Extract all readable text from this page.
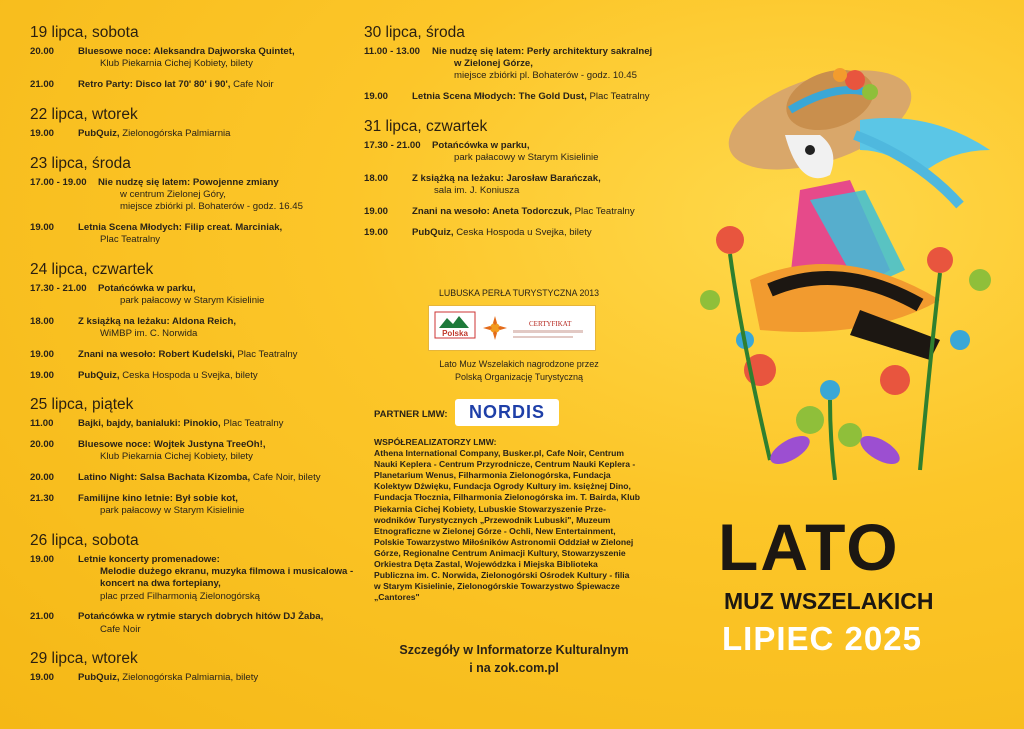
19 lipca, sobota
20.00 Bluesowe noce: Aleksandra Dajworska Quintet,
Klub Piekarnia Cichej Kobiety, bilety
21.00 Retro Party: Disco lat 70' 80' i 90', Cafe Noir
22 lipca, wtorek
19.00 PubQuiz, Zielonogórska Palmiarnia
23 lipca, środa
17.00 - 19.00 Nie nudzę się latem: Powojenne zmiany
w centrum Zielonej Góry,
miejsce zbiórki pl. Bohaterów - godz. 16.45
19.00 Letnia Scena Młodych: Filip creat. Marciniak,
Plac Teatralny
24 lipca, czwartek
17.30 - 21.00 Potańcówka w parku,
park pałacowy w Starym Kisielinie
18.00 Z książką na leżaku: Aldona Reich,
WiMBP im. C. Norwida
19.00 Znani na wesoło: Robert Kudelski, Plac Teatralny
19.00 PubQuiz, Ceska Hospoda u Svejka, bilety
25 lipca, piątek
11.00	Bajki, bajdy, banialuki: Pinokio, Plac Teatralny
20.00 Bluesowe noce: Wojtek Justyna TreeOh!,
Klub Piekarnia Cichej Kobiety, bilety
20.00 Latino Night: Salsa Bachata Kizomba, Cafe Noir, bilety
21.30 Familijne kino letnie: Był sobie kot,
park pałacowy w Starym Kisielinie
26 lipca, sobota
19.00 Letnie koncerty promenadowe:
Melodie dużego ekranu, muzyka filmowa i musicalowa -
koncert na dwa fortepiany,
plac przed Filharmonią Zielonogórską
21.00 Potańcówka w rytmie starych dobrych hitów DJ Żaba,
Cafe Noir
29 lipca, wtorek
19.00 PubQuiz, Zielonogórska Palmiarnia, bilety
30 lipca, środa
11.00 - 13.00 Nie nudzę się latem: Perły architektury sakralnej
w Zielonej Górze,
miejsce zbiórki pl. Bohaterów - godz. 10.45
19.00 Letnia Scena Młodych: The Gold Dust, Plac Teatralny
31 lipca, czwartek
17.30 - 21.00 Potańcówka w parku,
park pałacowy w Starym Kisielinie
18.00 Z książką na leżaku: Jarosław Barańczak,
sala im. J. Koniusza
19.00 Znani na wesoło: Aneta Todorczuk, Plac Teatralny
19.00 PubQuiz, Ceska Hospoda u Svejka, bilety
LUBUSKA PERŁA TURYSTYCZNA 2013
Polska
CERTYFIKAT
Lato Muz Wszelakich nagrodzone przez
Polską Organizację Turystyczną
PARTNER LMW:	NORDIS
WSPÓŁREALIZATORZY LMW:
Athena International Company, Busker.pl, Cafe Noir, Centrum
Nauki Keplera - Centrum Przyrodnicze, Centrum Nauki Keplera -
Planetarium Wenus, Filharmonia Zielonogórska, Fundacja
Kolektyw Dźwięku, Fundacja Ogrody Kultury im. księżnej Dino,
Fundacja Tłocznia, Filharmonia Zielonogórska im. T. Bairda, Klub
Piekarnia Cichej Kobiety, Lubuskie Stowarzyszenie Prze-
wodników Turystycznych „Przewodnik Lubuski", Muzeum
Etnograficzne w Zielonej Górze - Ochli, New Entertainment,
Polskie Towarzystwo Miłośników Astronomii Oddział w Zielonej
Górze, Regionalne Centrum Animacji Kultury, Stowarzyszenie
Orkiestra Dęta Zastal, Wojewódzka i Miejska Biblioteka
Publiczna im. C. Norwida, Zielonogórski Ośrodek Kultury - filia
w Starym Kisielinie, Zielonogórskie Towarzystwo Śpiewacze
„Cantores"
Szczegóły w Informatorze Kulturalnym
i na zok.com.pl
LATO
MUZ WSZELAKICH
LIPIEC 2025
